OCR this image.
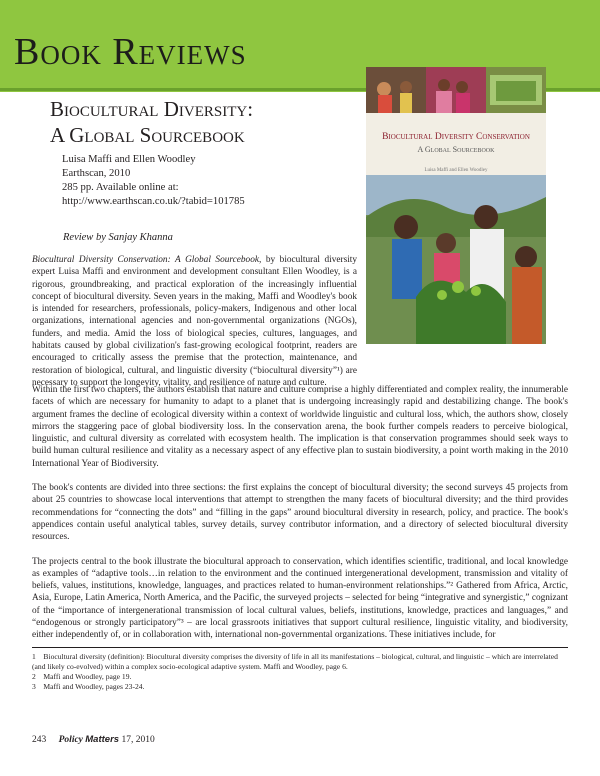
Book Reviews
Biocultural Diversity:
A Global Sourcebook
Luisa Maffi and Ellen Woodley
Earthscan, 2010
285 pp. Available online at:
http://www.earthscan.co.uk/?tabid=101785
Review by Sanjay Khanna
Biocultural Diversity Conservation
A Global Sourcebook
Luisa Maffi and Ellen Woodley

Biocultural Diversity Conservation: A Global Sourcebook, by biocultural diversity expert Luisa Maffi and environment and development consultant Ellen Woodley, is a rigorous, groundbreaking, and practical exploration of the increasingly influential concept of biocultural diversity. Seven years in the making, Maffi and Woodley's book is intended for researchers, professionals, policy-makers, Indigenous and other local organizations, international agencies and non-governmental organizations (NGOs), funders, and media. Amid the loss of biological species, cultures, languages, and habitats caused by global civilization's fast-growing ecological footprint, readers are encouraged to critically assess the premise that the protection, maintenance, and restoration of biological, cultural, and linguistic diversity (“biocultural diversity”¹) are necessary to support the longevity, vitality, and resilience of nature and culture.

Within the first two chapters, the authors establish that nature and culture comprise a highly differentiated and complex reality, the innumerable facets of which are necessary for humanity to adapt to a planet that is undergoing increasingly rapid and destabilizing change. The book's argument frames the decline of ecological diversity within a context of worldwide linguistic and cultural loss, which, the authors show, closely mirrors the staggering pace of global biodiversity loss. In the conservation arena, the book further compels readers to perceive biological, linguistic, and cultural diversity as correlated with ecosystem health. The implication is that conservation programmes should seek ways to build human cultural resilience and vitality as a necessary aspect of any effective plan to sustain biodiversity, a point worth making in the 2010 International Year of Biodiversity.

The book's contents are divided into three sections: the first explains the concept of biocultural diversity; the second surveys 45 projects from about 25 countries to showcase local interventions that attempt to strengthen the many facets of biocultural diversity; and the third provides recommendations for “connecting the dots” and “filling in the gaps” around biocultural diversity in research, policy, and practice. The book's appendices contain useful analytical tables, survey details, survey contributor information, and a directory of selected biocultural diversity resources.

The projects central to the book illustrate the biocultural approach to conservation, which identifies scientific, traditional, and local knowledge as examples of “adaptive tools…in relation to the environment and the continued intergenerational development, transmission and vitality of beliefs, values, institutions, knowledge, languages, and practices related to human-environment relationships.”² Gathered from Africa, Arctic, Asia, Europe, Latin America, North America, and the Pacific, the surveyed projects – selected for being “integrative and synergistic,” cognizant of the “importance of intergenerational transmission of local cultural values, beliefs, institutions, knowledge, practices and languages,” and “endogenous or strongly participatory”³ – are local grassroots initiatives that support cultural resilience, linguistic vitality, and biodiversity, either independently of, or in collaboration with, international non-governmental organizations. These initiatives include, for

1 Biocultural diversity (definition): Biocultural diversity comprises the diversity of life in all its manifestations – biological, cultural, and linguistic – which are interrelated (and likely co-evolved) within a complex socio-ecological adaptive system. Maffi and Woodley, page 6.
2 Maffi and Woodley, page 19.
3 Maffi and Woodley, pages 23-24.
243 Policy Matters 17, 2010
